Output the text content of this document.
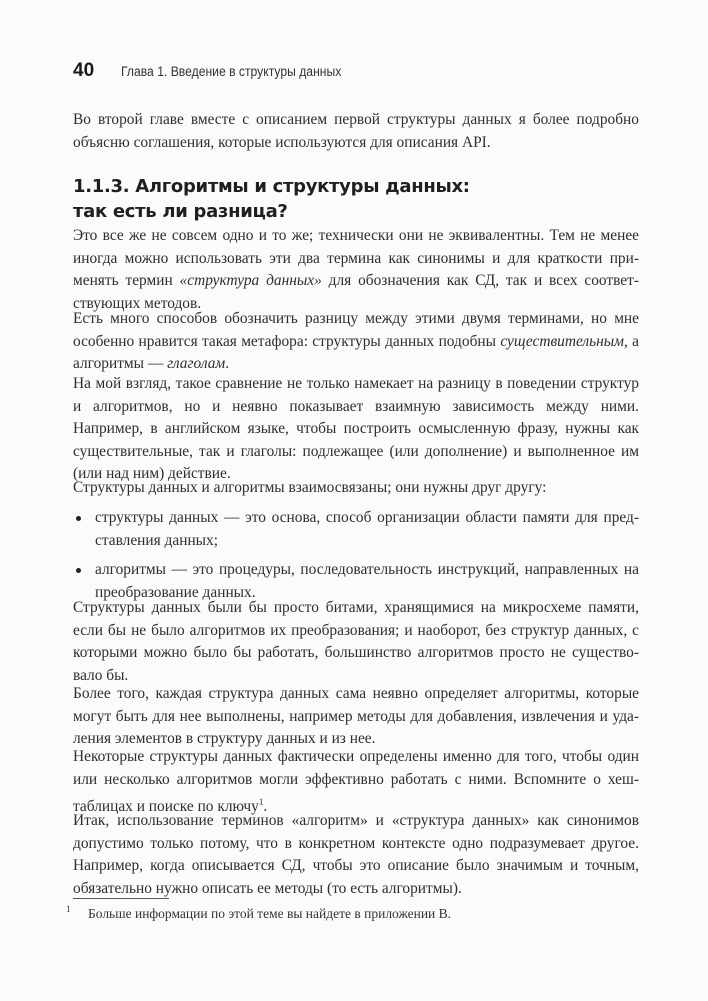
40	Глава 1. Введение в структуры данных

Во второй главе вместе с описанием первой структуры данных я более подробно объясню соглашения, которые используются для описания API.

1.1.3. Алгоритмы и структуры данных:

так есть ли разница?

Это все же не совсем одно и то же; технически они не эквивалентны. Тем не менее иногда можно использовать эти два термина как синонимы и для краткости применять термин «структура данных» для обозначения как СД, так и всех соответствующих методов.

Есть много способов обозначить разницу между этими двумя терминами, но мне особенно нравится такая метафора: структуры данных подобны существительным, а алгоритмы — глаголам.

На мой взгляд, такое сравнение не только намекает на разницу в поведении структур и алгоритмов, но и неявно показывает взаимную зависимость между ними. Например, в английском языке, чтобы построить осмысленную фразу, нужны как существительные, так и глаголы: подлежащее (или дополнение) и выполненное им (или над ним) действие.

Структуры данных и алгоритмы взаимосвязаны; они нужны друг другу:

структуры данных — это основа, способ организации области памяти для представления данных;
алгоритмы — это процедуры, последовательность инструкций, направленных на преобразование данных.

Структуры данных были бы просто битами, хранящимися на микросхеме памяти, если бы не было алгоритмов их преобразования; и наоборот, без структур данных, с которыми можно было бы работать, большинство алгоритмов просто не существовало бы.

Более того, каждая структура данных сама неявно определяет алгоритмы, которые могут быть для нее выполнены, например методы для добавления, извлечения и удаления элементов в структуру данных и из нее.

Некоторые структуры данных фактически определены именно для того, чтобы один или несколько алгоритмов могли эффективно работать с ними. Вспомните о хеш-таблицах и поиске по ключу$^1$.

Итак, использование терминов «алгоритм» и «структура данных» как синонимов допустимо только потому, что в конкретном контексте одно подразумевает другое. Например, когда описывается СД, чтобы это описание было значимым и точным, обязательно нужно описать ее методы (то есть алгоритмы).

1	Больше информации по этой теме вы найдете в приложении В.
